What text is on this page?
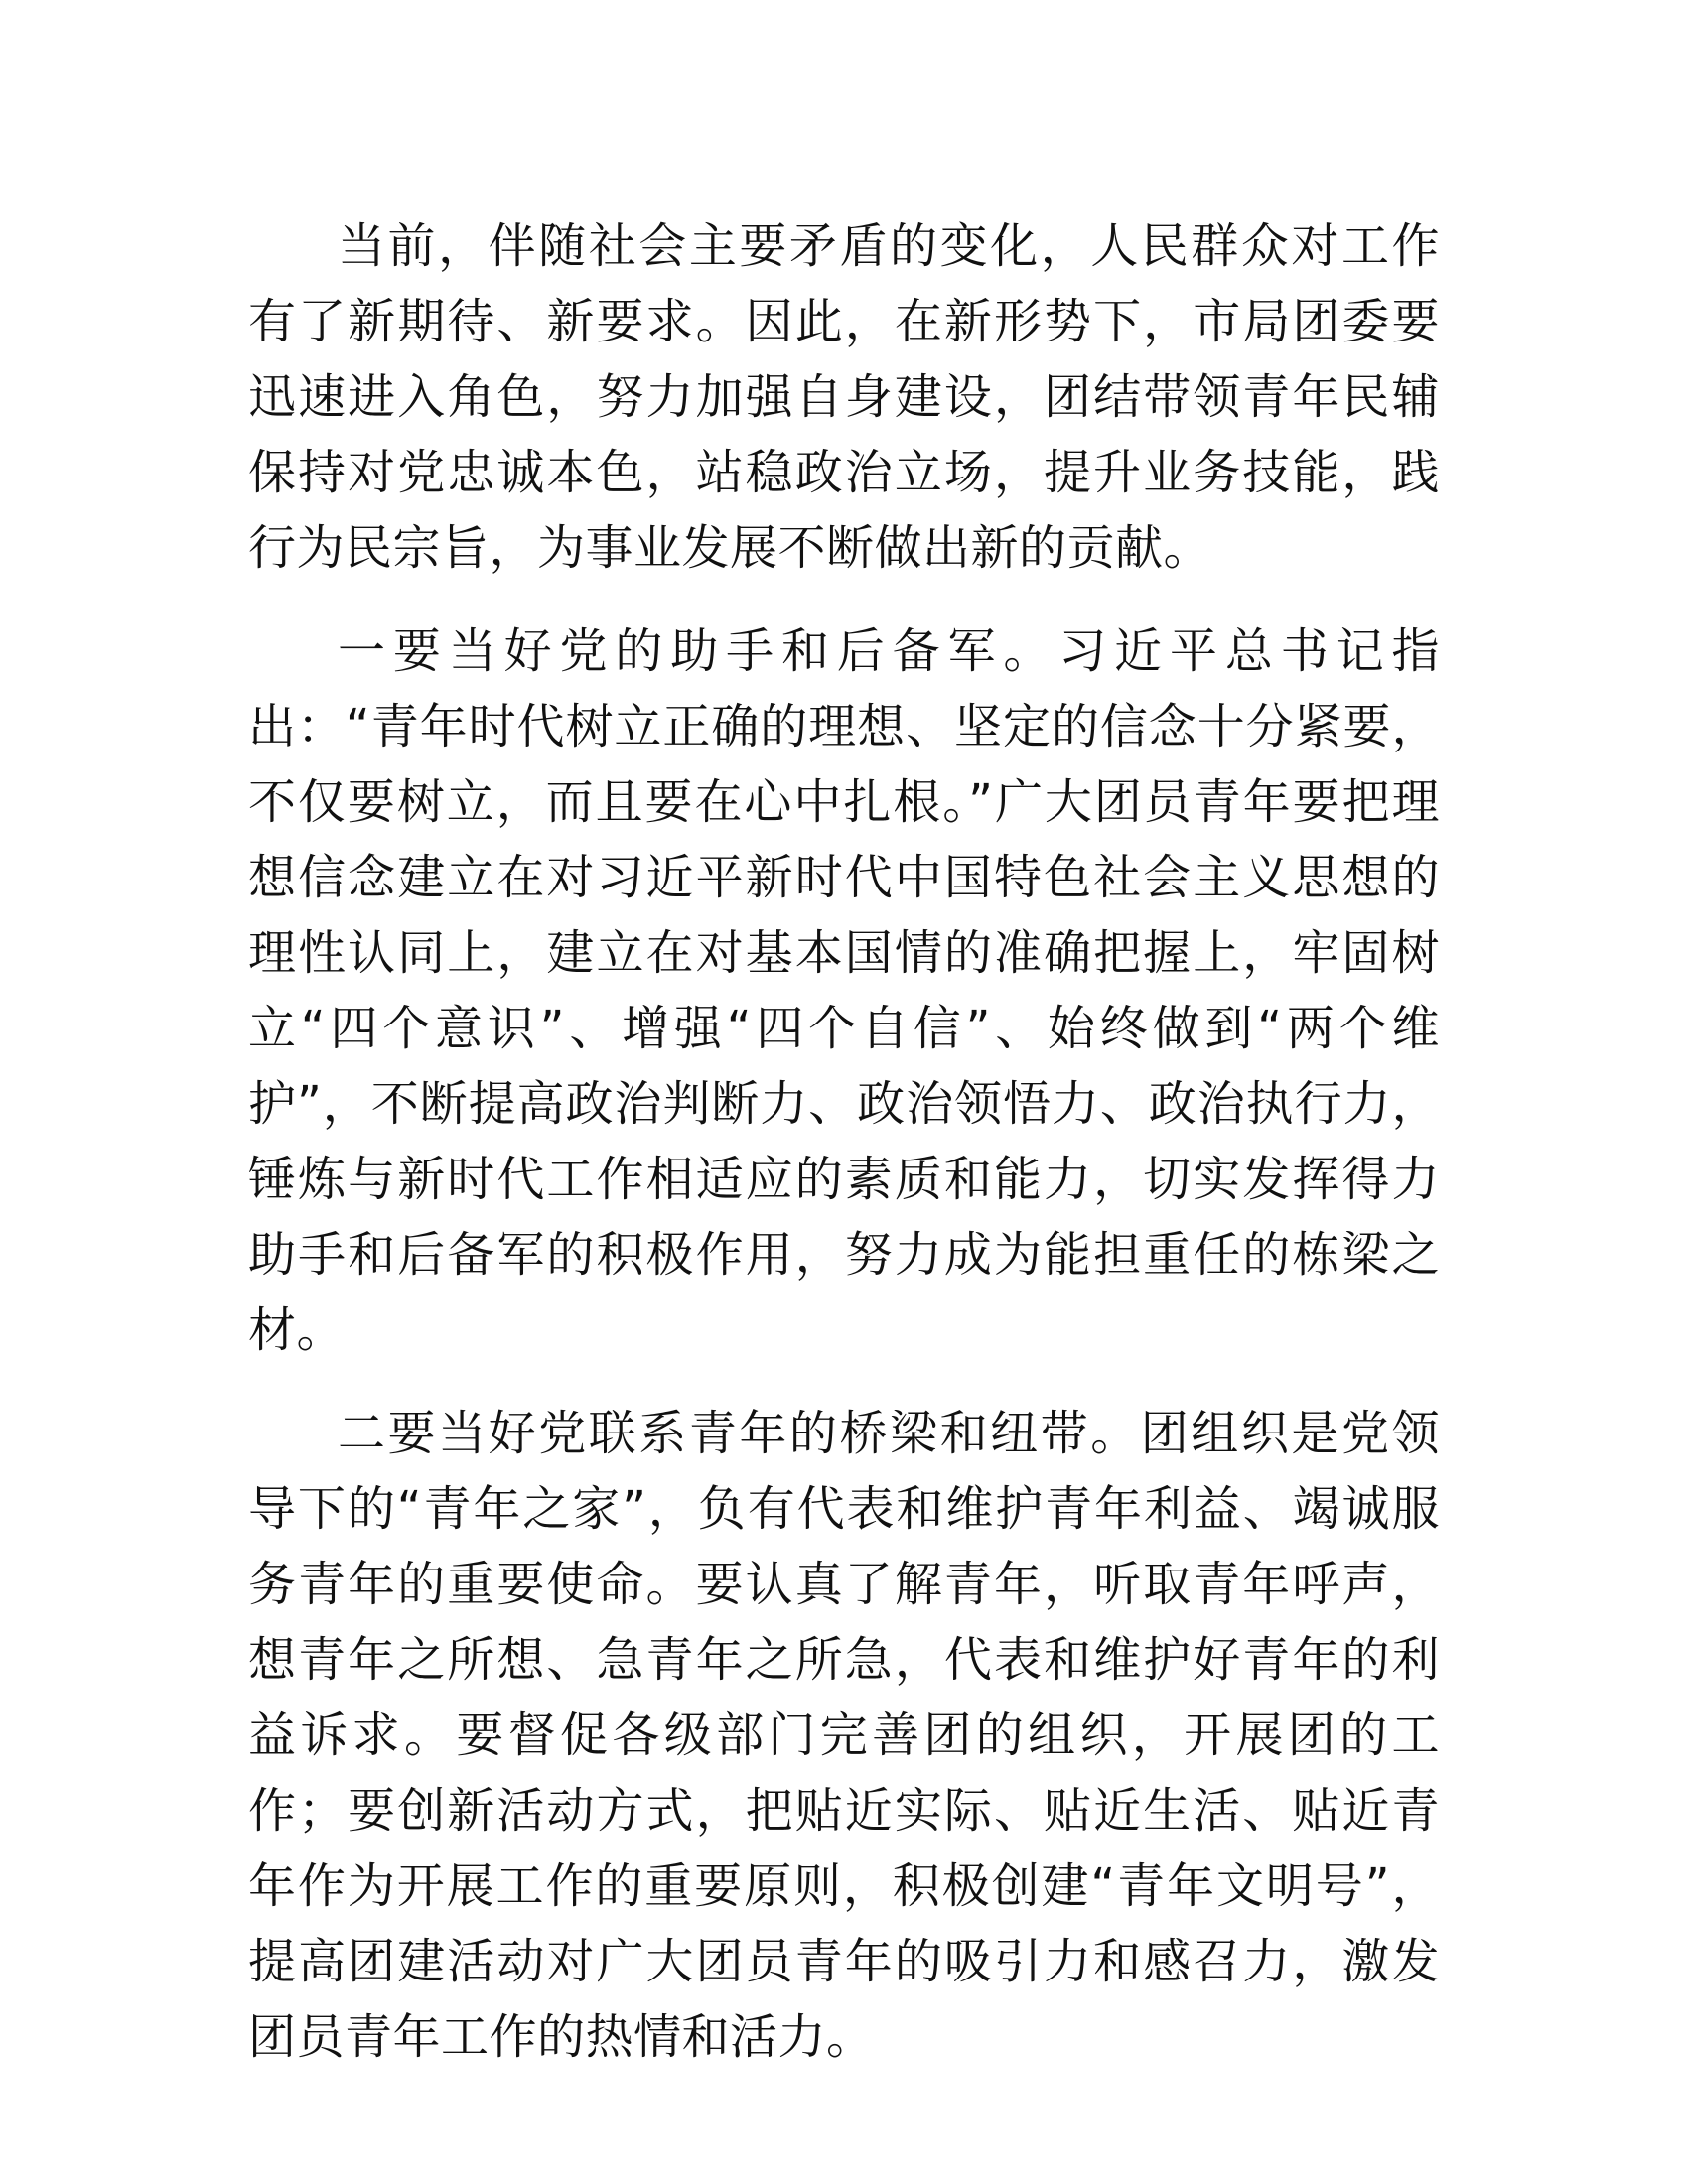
当前，伴随社会主要矛盾的变化，人民群众对工作有了新期待、新要求。因此，在新形势下，市局团委要迅速进入角色，努力加强自身建设，团结带领青年民辅保持对党忠诚本色，站稳政治立场，提升业务技能，践行为民宗旨，为事业发展不断做出新的贡献。

一要当好党的助手和后备军。习近平总书记指出：“青年时代树立正确的理想、坚定的信念十分紧要，不仅要树立，而且要在心中扎根。”广大团员青年要把理想信念建立在对习近平新时代中国特色社会主义思想的理性认同上，建立在对基本国情的准确把握上，牢固树立“四个意识”、增强“四个自信”、始终做到“两个维护”，不断提高政治判断力、政治领悟力、政治执行力，锤炼与新时代工作相适应的素质和能力，切实发挥得力助手和后备军的积极作用，努力成为能担重任的栋梁之材。

二要当好党联系青年的桥梁和纽带。团组织是党领导下的“青年之家”，负有代表和维护青年利益、竭诚服务青年的重要使命。要认真了解青年，听取青年呼声，想青年之所想、急青年之所急，代表和维护好青年的利益诉求。要督促各级部门完善团的组织，开展团的工作；要创新活动方式，把贴近实际、贴近生活、贴近青年作为开展工作的重要原则，积极创建“青年文明号”，提高团建活动对广大团员青年的吸引力和感召力，激发团员青年工作的热情和活力。
